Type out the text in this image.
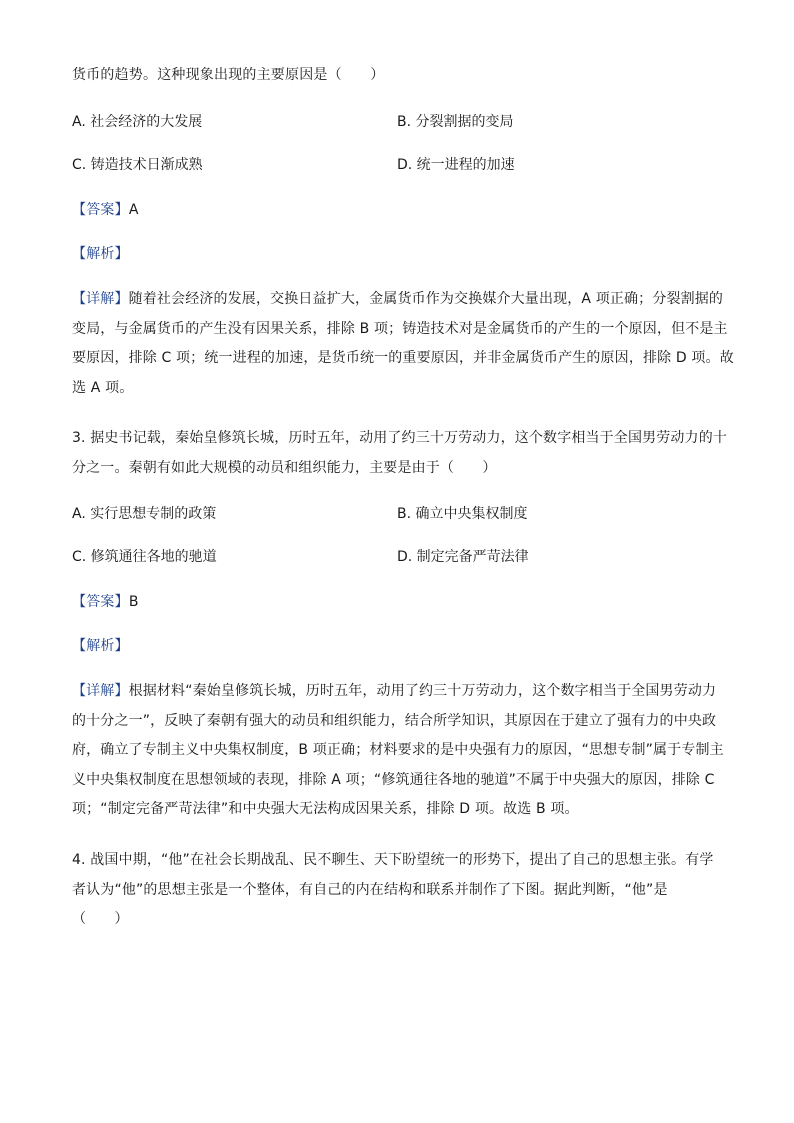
货币的趋势。这种现象出现的主要原因是（　　）
A. 社会经济的大发展	B. 分裂割据的变局
C. 铸造技术日渐成熟	D. 统一进程的加速
【答案】A
【解析】
【详解】随着社会经济的发展，交换日益扩大，金属货币作为交换媒介大量出现，A 项正确；分裂割据的
变局，与金属货币的产生没有因果关系，排除 B 项；铸造技术对是金属货币的产生的一个原因，但不是主
要原因，排除 C 项；统一进程的加速，是货币统一的重要原因，并非金属货币产生的原因，排除 D 项。故
选 A 项。
3. 据史书记载，秦始皇修筑长城，历时五年，动用了约三十万劳动力，这个数字相当于全国男劳动力的十
分之一。秦朝有如此大规模的动员和组织能力，主要是由于（　　）
A. 实行思想专制的政策	B. 确立中央集权制度
C. 修筑通往各地的驰道	D. 制定完备严苛法律
【答案】B
【解析】
【详解】根据材料“秦始皇修筑长城，历时五年，动用了约三十万劳动力，这个数字相当于全国男劳动力
的十分之一”，反映了秦朝有强大的动员和组织能力，结合所学知识，其原因在于建立了强有力的中央政
府，确立了专制主义中央集权制度，B 项正确；材料要求的是中央强有力的原因，“思想专制”属于专制主
义中央集权制度在思想领域的表现，排除 A 项；“修筑通往各地的驰道”不属于中央强大的原因，排除 C
项；“制定完备严苛法律”和中央强大无法构成因果关系，排除 D 项。故选 B 项。
4. 战国中期，“他”在社会长期战乱、民不聊生、天下盼望统一的形势下，提出了自己的思想主张。有学
者认为“他”的思想主张是一个整体，有自己的内在结构和联系并制作了下图。据此判断，“他”是
（　　）
